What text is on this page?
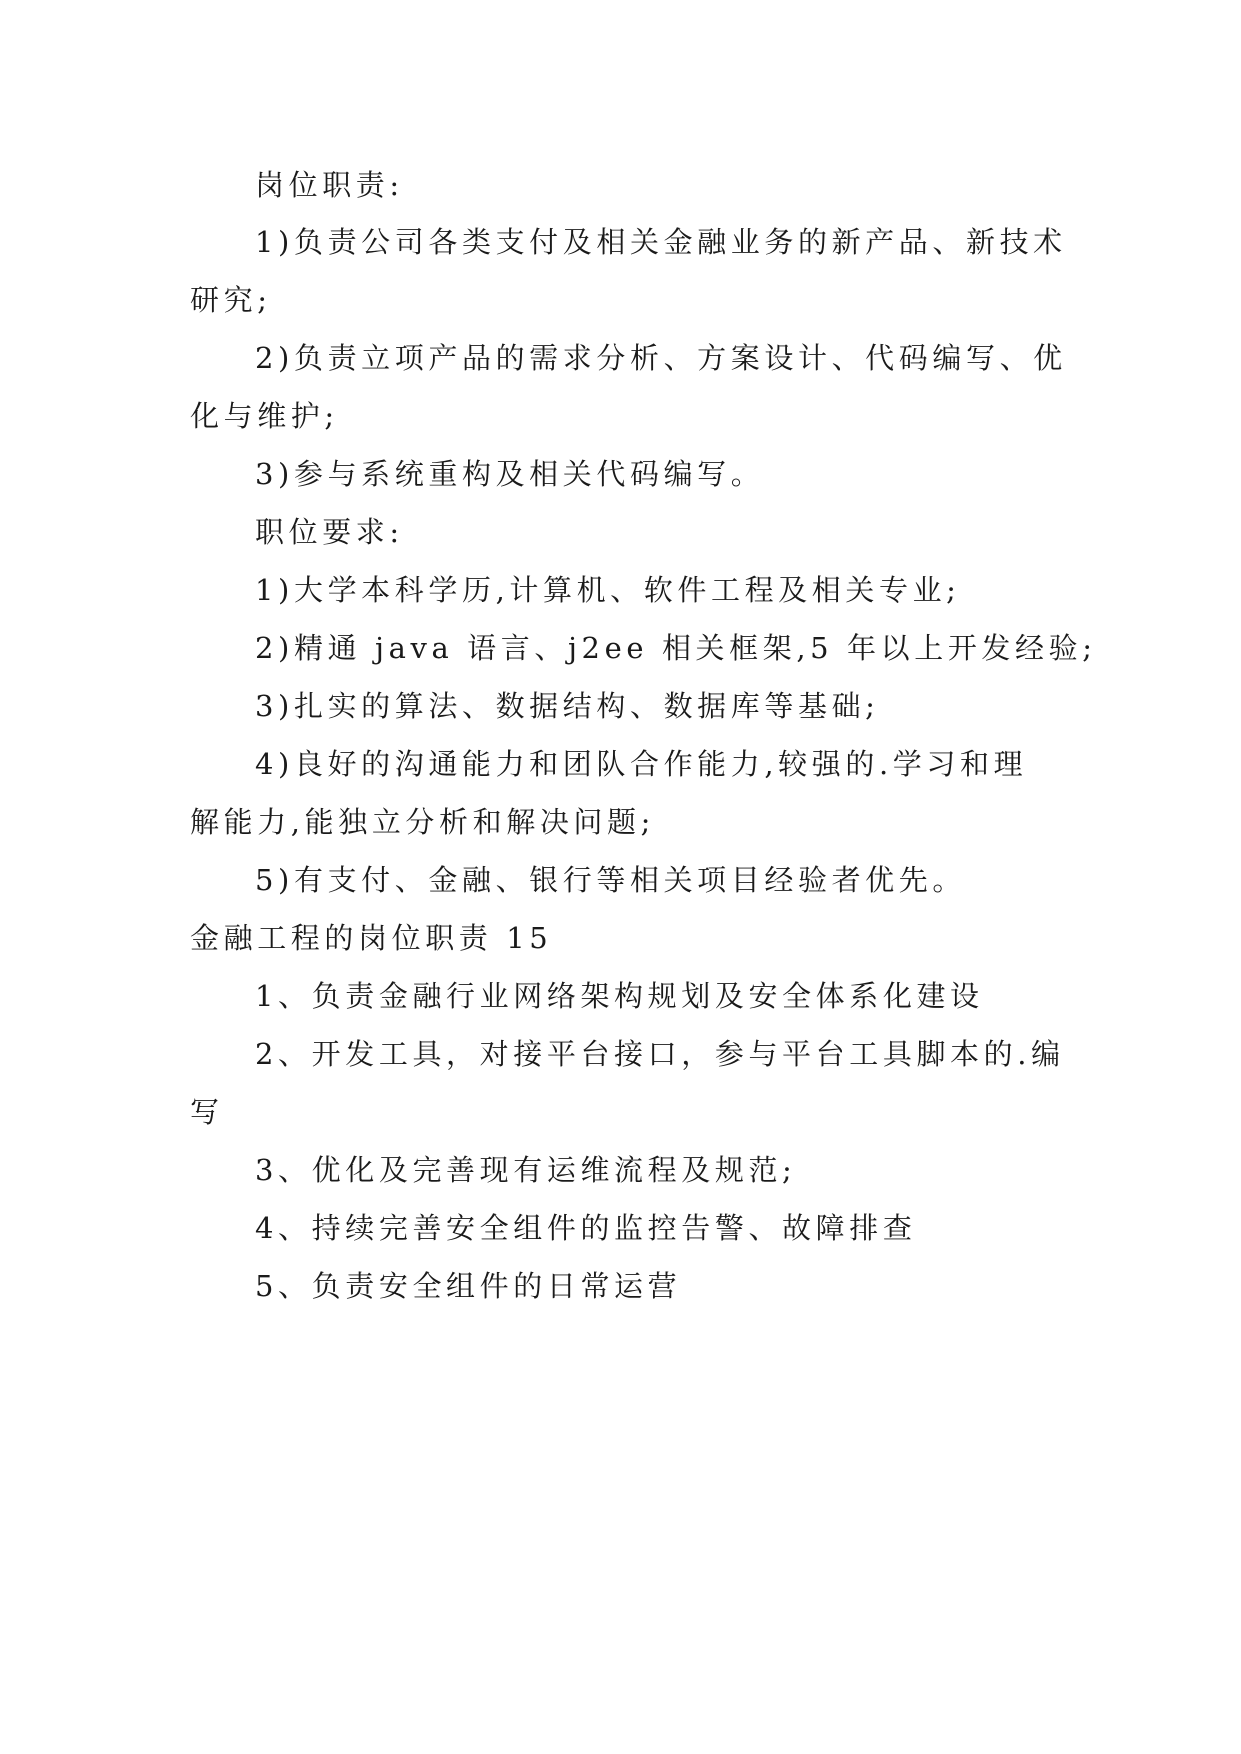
岗位职责:
1)负责公司各类支付及相关金融业务的新产品、新技术
研究;
2)负责立项产品的需求分析、方案设计、代码编写、优
化与维护;
3)参与系统重构及相关代码编写。
职位要求:
1)大学本科学历,计算机、软件工程及相关专业;
2)精通 java 语言、j2ee 相关框架,5 年以上开发经验;
3)扎实的算法、数据结构、数据库等基础;
4)良好的沟通能力和团队合作能力,较强的.学习和理
解能力,能独立分析和解决问题;
5)有支付、金融、银行等相关项目经验者优先。
金融工程的岗位职责 15
1、负责金融行业网络架构规划及安全体系化建设
2、开发工具，对接平台接口，参与平台工具脚本的.编
写
3、优化及完善现有运维流程及规范;
4、持续完善安全组件的监控告警、故障排查
5、负责安全组件的日常运营
